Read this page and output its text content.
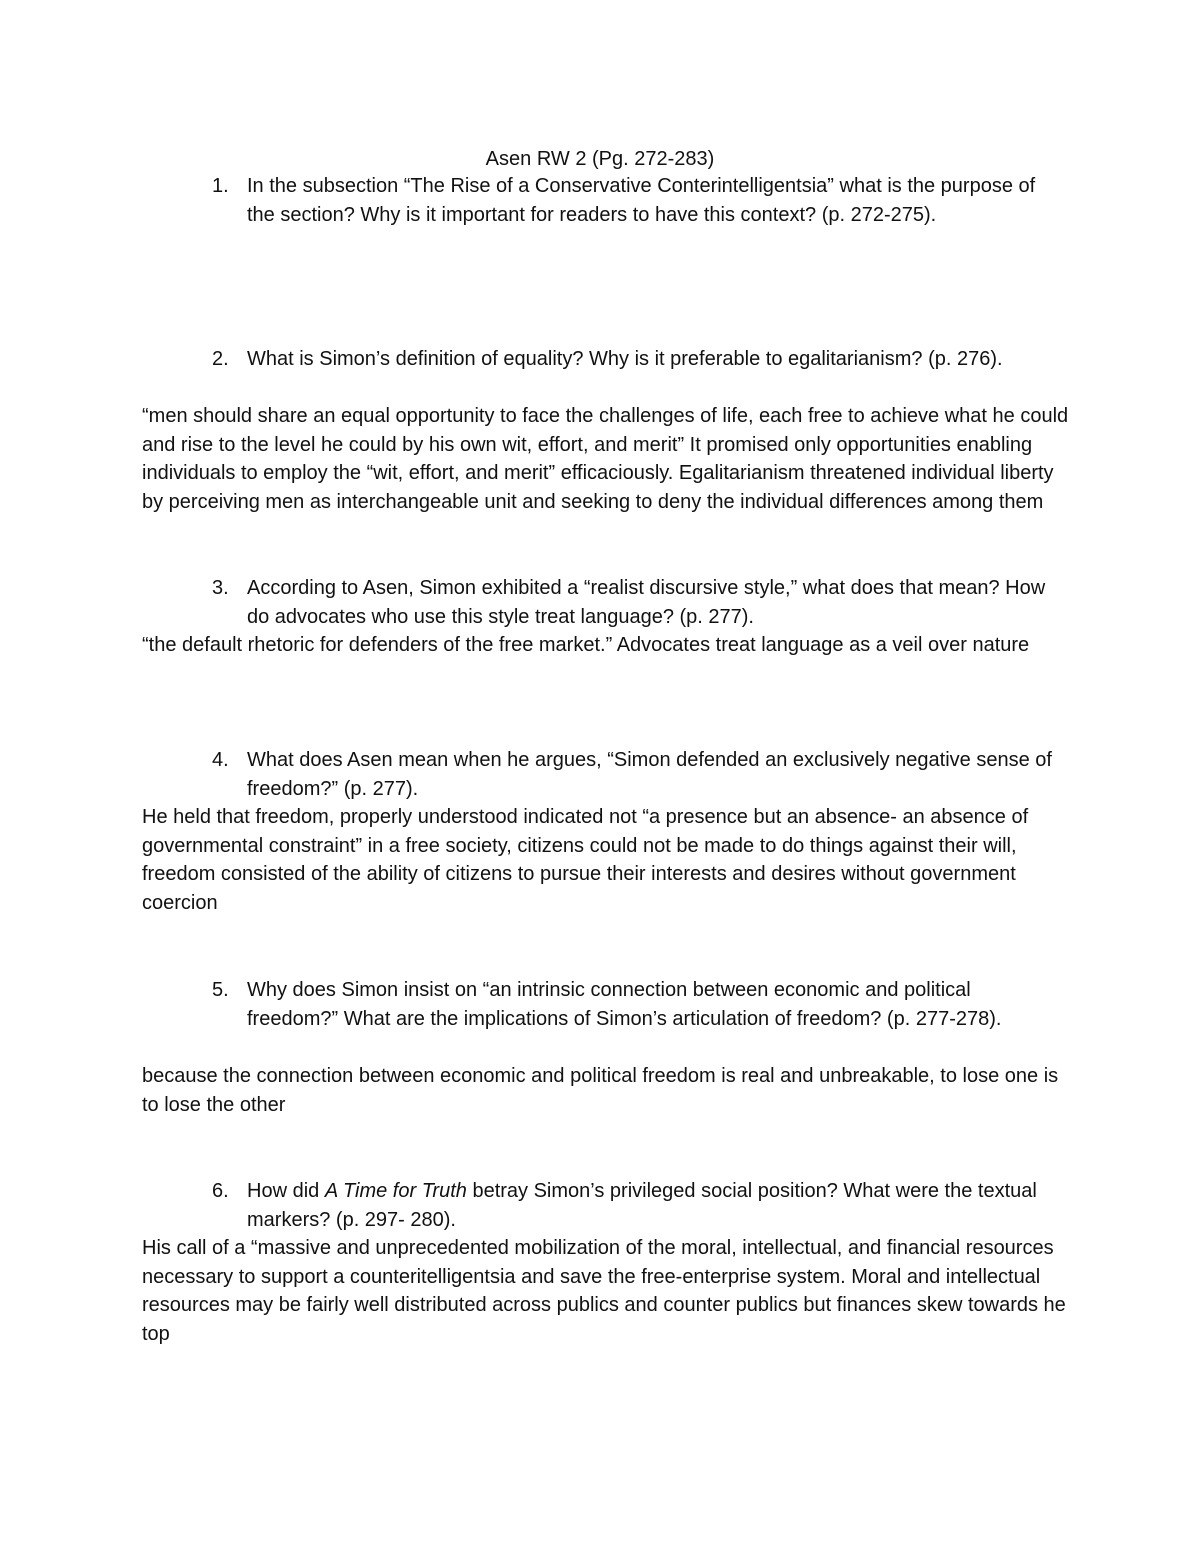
Asen RW 2 (Pg. 272-283)
1. In the subsection “The Rise of a Conservative Conterintelligentsia” what is the purpose of the section? Why is it important for readers to have this context? (p. 272-275).
2. What is Simon’s definition of equality? Why is it preferable to egalitarianism? (p. 276).
“men should share an equal opportunity to face the challenges of life, each free to achieve what he could and rise to the level he could by his own wit, effort, and merit” It promised only opportunities enabling individuals to employ the “wit, effort, and merit” efficaciously. Egalitarianism threatened individual liberty by perceiving men as interchangeable unit and seeking to deny the individual differences among them
3. According to Asen, Simon exhibited a “realist discursive style,” what does that mean? How do advocates who use this style treat language? (p. 277).
“the default rhetoric for defenders of the free market.” Advocates treat language as a veil over nature
4. What does Asen mean when he argues, “Simon defended an exclusively negative sense of freedom?” (p. 277).
He held that freedom, properly understood indicated not “a presence but an absence- an absence of governmental constraint” in a free society, citizens could not be made to do things against their will, freedom consisted of the ability of citizens to pursue their interests and desires without government coercion
5. Why does Simon insist on “an intrinsic connection between economic and political freedom?” What are the implications of Simon’s articulation of freedom? (p. 277-278).
because the connection between economic and political freedom is real and unbreakable, to lose one is to lose the other
6. How did A Time for Truth betray Simon’s privileged social position? What were the textual markers? (p. 297- 280).
His call of a “massive and unprecedented mobilization of the moral, intellectual, and financial resources necessary to support a counteritelligentsia and save the free-enterprise system. Moral and intellectual resources may be fairly well distributed across publics and counter publics but finances skew towards he top
